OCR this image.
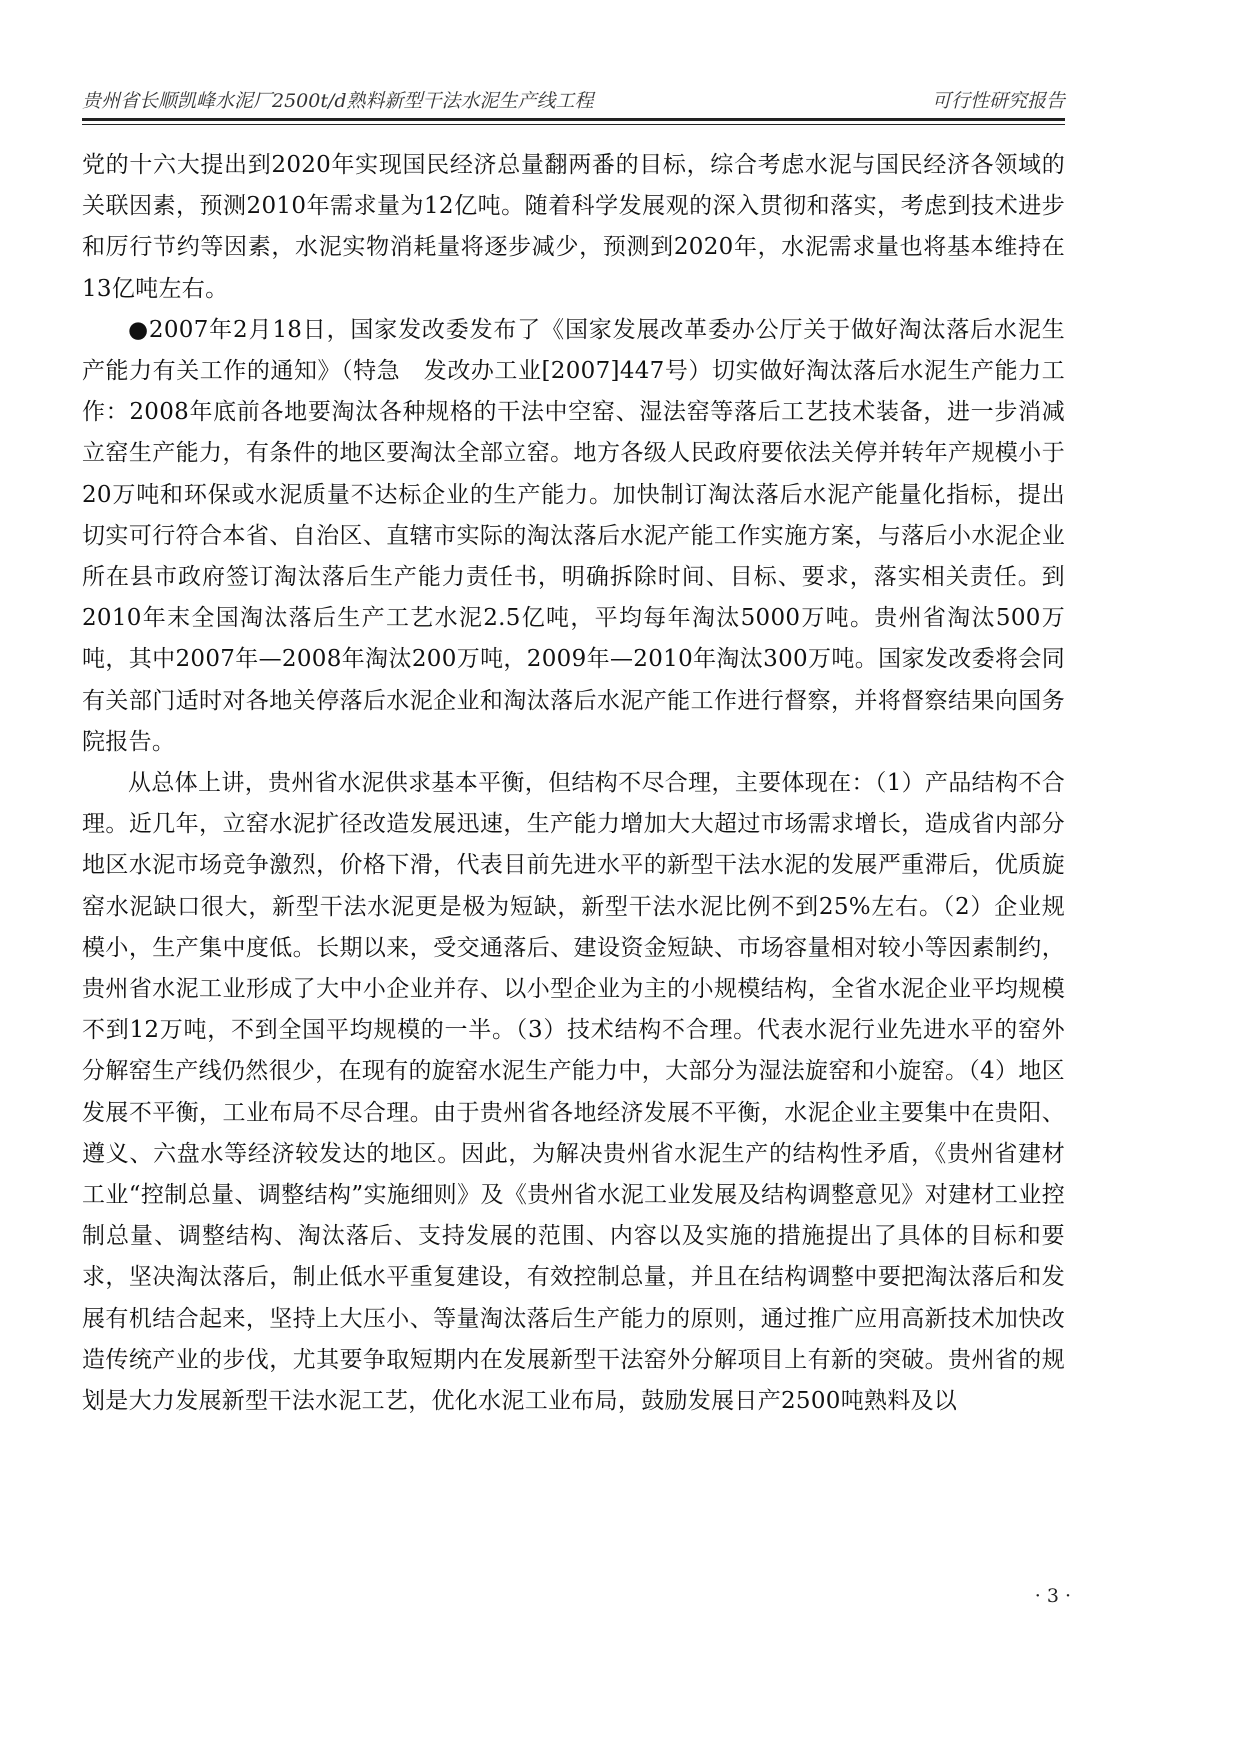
贵州省长顺凯峰水泥厂2500t/d熟料新型干法水泥生产线工程	可行性研究报告

党的十六大提出到2020年实现国民经济总量翻两番的目标，综合考虑水泥与国民经济各领域的关联因素，预测2010年需求量为12亿吨。随着科学发展观的深入贯彻和落实，考虑到技术进步和厉行节约等因素，水泥实物消耗量将逐步减少，预测到2020年，水泥需求量也将基本维持在13亿吨左右。

●2007年2月18日，国家发改委发布了《国家发展改革委办公厅关于做好淘汰落后水泥生产能力有关工作的通知》（特急　发改办工业[2007]447号）切实做好淘汰落后水泥生产能力工作：2008年底前各地要淘汰各种规格的干法中空窑、湿法窑等落后工艺技术装备，进一步消减立窑生产能力，有条件的地区要淘汰全部立窑。地方各级人民政府要依法关停并转年产规模小于20万吨和环保或水泥质量不达标企业的生产能力。加快制订淘汰落后水泥产能量化指标，提出切实可行符合本省、自治区、直辖市实际的淘汰落后水泥产能工作实施方案，与落后小水泥企业所在县市政府签订淘汰落后生产能力责任书，明确拆除时间、目标、要求，落实相关责任。到2010年末全国淘汰落后生产工艺水泥2.5亿吨，平均每年淘汰5000万吨。贵州省淘汰500万吨，其中2007年—2008年淘汰200万吨，2009年—2010年淘汰300万吨。国家发改委将会同有关部门适时对各地关停落后水泥企业和淘汰落后水泥产能工作进行督察，并将督察结果向国务院报告。

从总体上讲，贵州省水泥供求基本平衡，但结构不尽合理，主要体现在：（1）产品结构不合理。近几年，立窑水泥扩径改造发展迅速，生产能力增加大大超过市场需求增长，造成省内部分地区水泥市场竞争激烈，价格下滑，代表目前先进水平的新型干法水泥的发展严重滞后，优质旋窑水泥缺口很大，新型干法水泥更是极为短缺，新型干法水泥比例不到25%左右。（2）企业规模小，生产集中度低。长期以来，受交通落后、建设资金短缺、市场容量相对较小等因素制约，贵州省水泥工业形成了大中小企业并存、以小型企业为主的小规模结构，全省水泥企业平均规模不到12万吨，不到全国平均规模的一半。（3）技术结构不合理。代表水泥行业先进水平的窑外分解窑生产线仍然很少，在现有的旋窑水泥生产能力中，大部分为湿法旋窑和小旋窑。（4）地区发展不平衡，工业布局不尽合理。由于贵州省各地经济发展不平衡，水泥企业主要集中在贵阳、遵义、六盘水等经济较发达的地区。因此，为解决贵州省水泥生产的结构性矛盾，《贵州省建材工业“控制总量、调整结构”实施细则》及《贵州省水泥工业发展及结构调整意见》对建材工业控制总量、调整结构、淘汰落后、支持发展的范围、内容以及实施的措施提出了具体的目标和要求，坚决淘汰落后，制止低水平重复建设，有效控制总量，并且在结构调整中要把淘汰落后和发展有机结合起来，坚持上大压小、等量淘汰落后生产能力的原则，通过推广应用高新技术加快改造传统产业的步伐，尤其要争取短期内在发展新型干法窑外分解项目上有新的突破。贵州省的规划是大力发展新型干法水泥工艺，优化水泥工业布局，鼓励发展日产2500吨熟料及以

· 3 ·
